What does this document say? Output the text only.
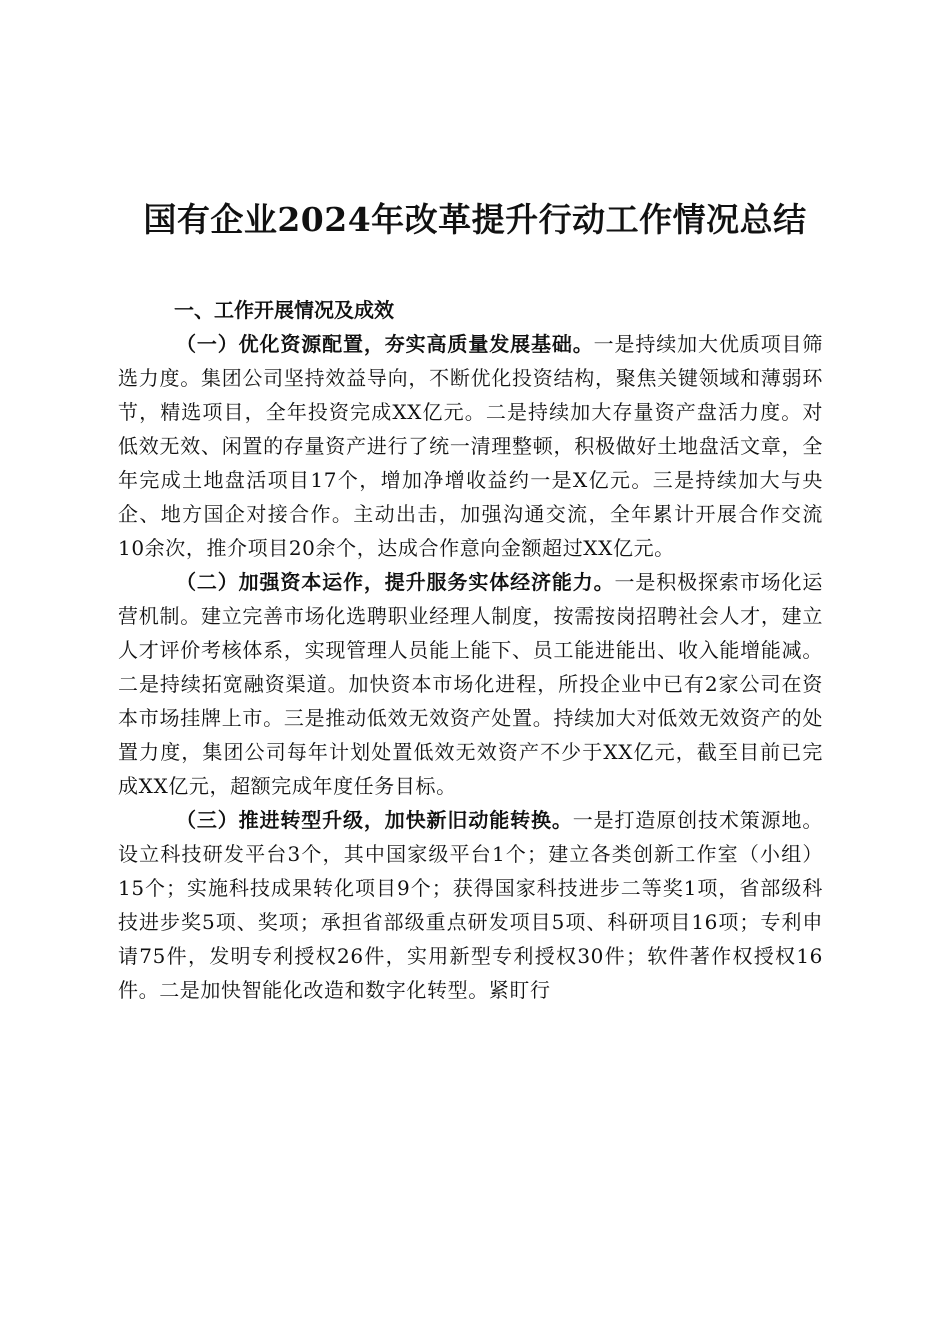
国有企业2024年改革提升行动工作情况总结

一、工作开展情况及成效

（一）优化资源配置，夯实高质量发展基础。一是持续加大优质项目筛选力度。集团公司坚持效益导向，不断优化投资结构，聚焦关键领域和薄弱环节，精选项目，全年投资完成XX亿元。二是持续加大存量资产盘活力度。对低效无效、闲置的存量资产进行了统一清理整顿，积极做好土地盘活文章，全年完成土地盘活项目17个，增加净增收益约一是X亿元。三是持续加大与央企、地方国企对接合作。主动出击，加强沟通交流，全年累计开展合作交流10余次，推介项目20余个，达成合作意向金额超过XX亿元。

（二）加强资本运作，提升服务实体经济能力。一是积极探索市场化运营机制。建立完善市场化选聘职业经理人制度，按需按岗招聘社会人才，建立人才评价考核体系，实现管理人员能上能下、员工能进能出、收入能增能减。二是持续拓宽融资渠道。加快资本市场化进程，所投企业中已有2家公司在资本市场挂牌上市。三是推动低效无效资产处置。持续加大对低效无效资产的处置力度，集团公司每年计划处置低效无效资产不少于XX亿元，截至目前已完成XX亿元，超额完成年度任务目标。

（三）推进转型升级，加快新旧动能转换。一是打造原创技术策源地。设立科技研发平台3个，其中国家级平台1个；建立各类创新工作室（小组）15个；实施科技成果转化项目9个；获得国家科技进步二等奖1项，省部级科技进步奖5项、奖项；承担省部级重点研发项目5项、科研项目16项；专利申请75件，发明专利授权26件，实用新型专利授权30件；软件著作权授权16件。二是加快智能化改造和数字化转型。紧盯行
